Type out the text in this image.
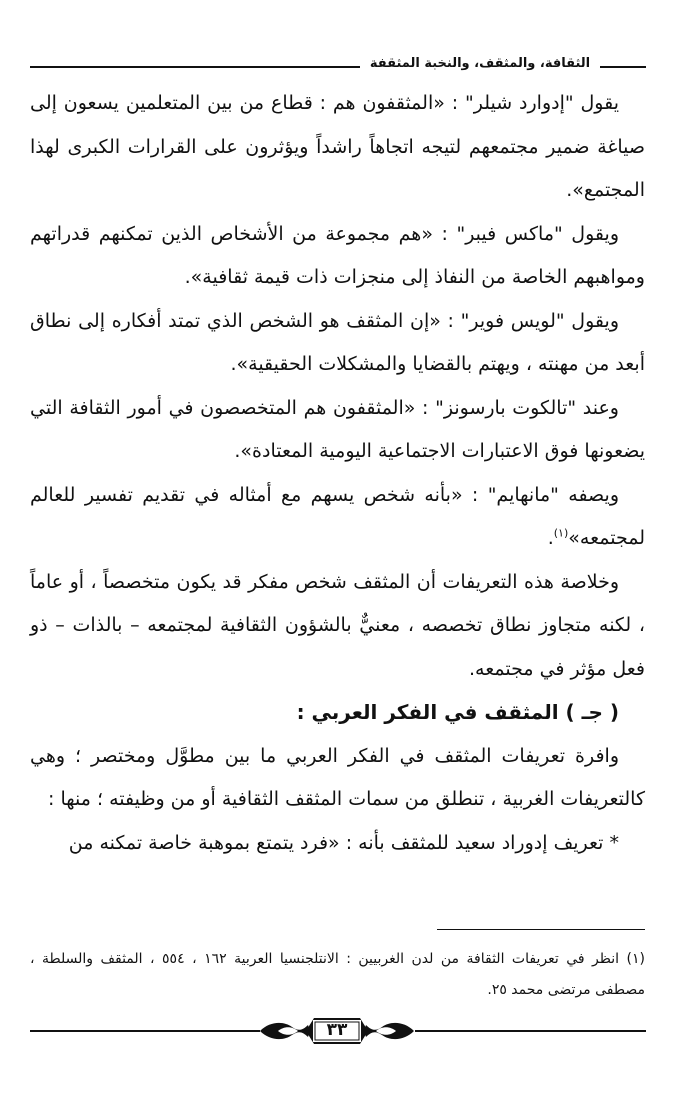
الثقافة، والمثقف، والنخبة المثقفة

يقول "إدوارد شيلر" : «المثقفون هم : قطاع من بين المتعلمين يسعون إلى صياغة ضمير مجتمعهم لتيجه اتجاهاً راشداً ويؤثرون على القرارات الكبرى لهذا المجتمع».

ويقول "ماكس فيبر" : «هم مجموعة من الأشخاص الذين تمكنهم قدراتهم ومواهبهم الخاصة من النفاذ إلى منجزات ذات قيمة ثقافية».

ويقول "لويس فوير" : «إن المثقف هو الشخص الذي تمتد أفكاره إلى نطاق أبعد من مهنته ، ويهتم بالقضايا والمشكلات الحقيقية».

وعند "تالكوت بارسونز" : «المثقفون هم المتخصصون في أمور الثقافة التي يضعونها فوق الاعتبارات الاجتماعية اليومية المعتادة».

ويصفه "مانهايم" : «بأنه شخص يسهم مع أمثاله في تقديم تفسير للعالم لمجتمعه»$^{(١)}$.

وخلاصة هذه التعريفات أن المثقف شخص مفكر قد يكون متخصصاً ، أو عاماً ، لكنه متجاوز نطاق تخصصه ، معنيٌّ بالشؤون الثقافية لمجتمعه – بالذات – ذو فعل مؤثر في مجتمعه.

( جـ ) المثقف في الفكر العربي :

وافرة تعريفات المثقف في الفكر العربي ما بين مطوَّل ومختصر ؛ وهي كالتعريفات الغربية ، تنطلق من سمات المثقف الثقافية أو من وظيفته ؛ منها :

* تعريف إدوراد سعيد للمثقف بأنه : «فرد يتمتع بموهبة خاصة تمكنه من

(١) انظر في تعريفات الثقافة من لدن الغربيين : الانتلجنسيا العربية ١٦٢ ، ٥٥٤ ، المثقف والسلطة ، مصطفى مرتضى محمد ٢٥.
٣٣
